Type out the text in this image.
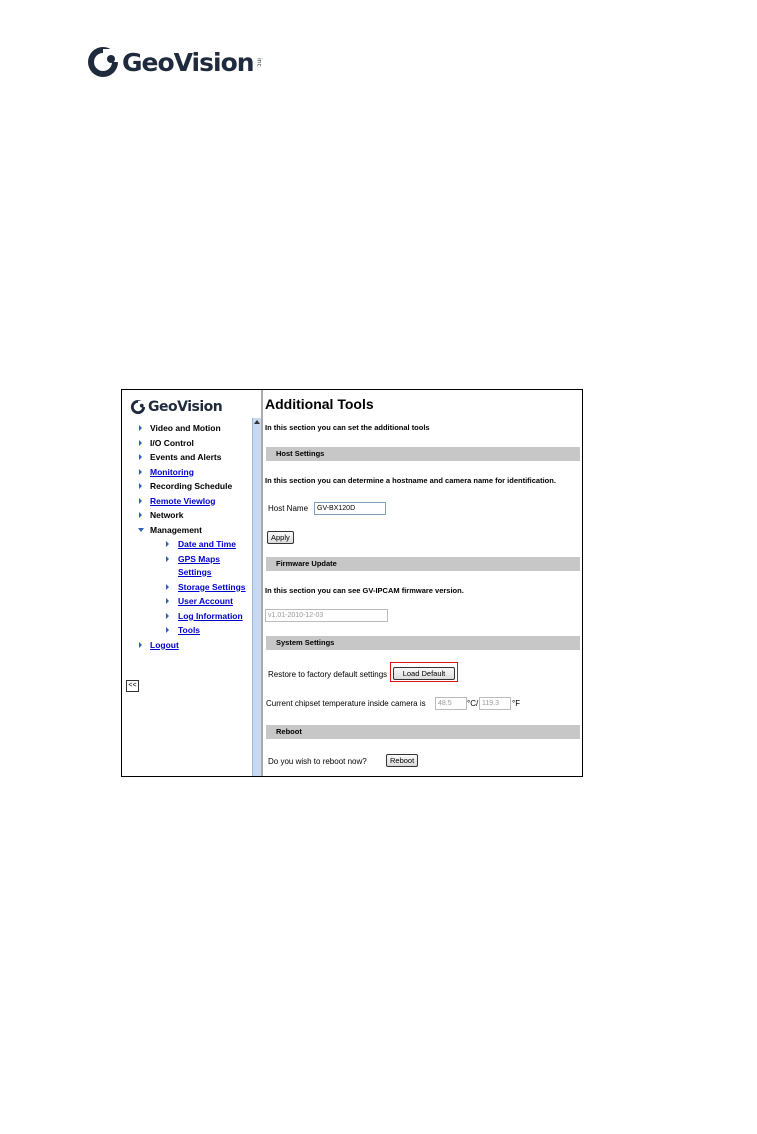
GeoVision inc
GeoVision
Video and Motion
I/O Control
Events and Alerts
Monitoring
Recording Schedule
Remote Viewlog
Network
Management
Date and Time
GPS Maps
Settings
Storage Settings
User Account
Log Information
Tools
Logout
<<
Additional Tools
In this section you can set the additional tools
Host Settings
In this section you can determine a hostname and camera name for identification.
Host Name	GV-BX120D
Apply
Firmware Update
In this section you can see GV-IPCAM firmware version.
v1.01-2010-12-03
System Settings
Restore to factory default settings	Load Default
Current chipset temperature inside camera is	48.5	°C/ 119.3	°F
Reboot
Do you wish to reboot now?	Reboot
